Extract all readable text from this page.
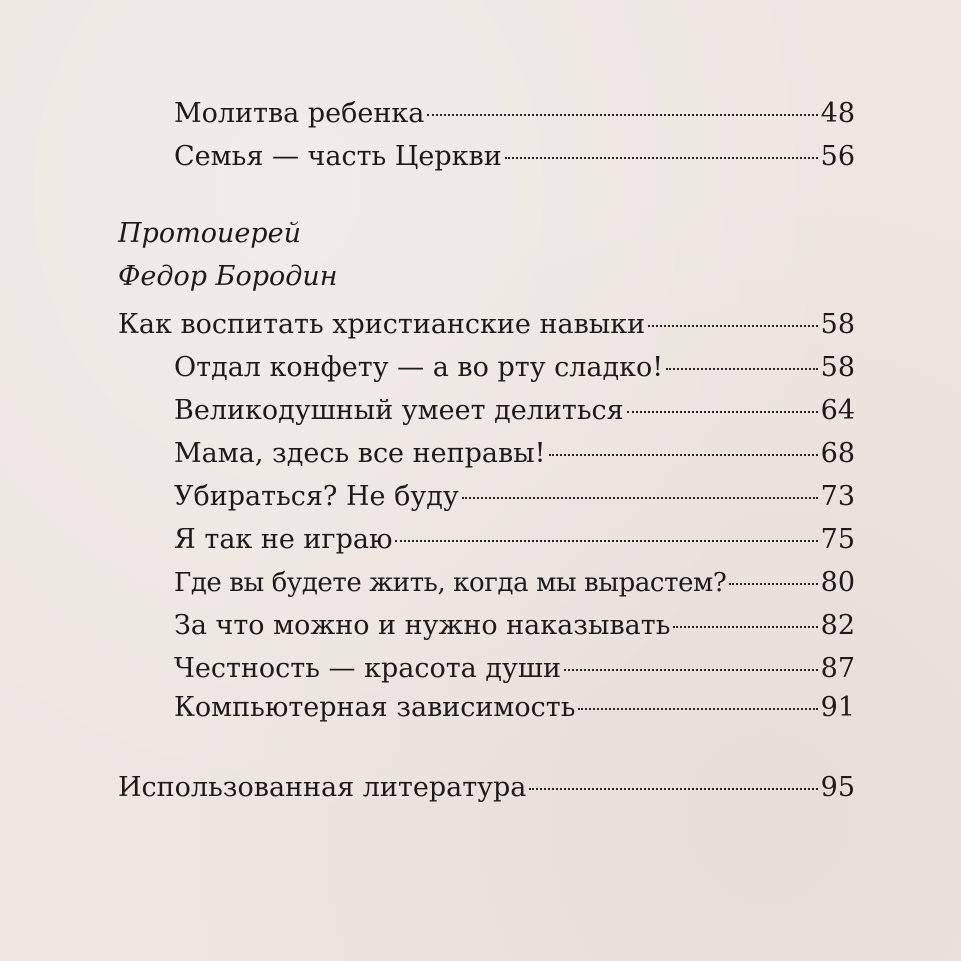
Молитва ребенка	48
Семья — часть Церкви	56
Протоиерей
Федор Бородин
Как воспитать христианские навыки	58
Отдал конфету — а во рту сладко!	58
Великодушный умеет делиться	64
Мама, здесь все неправы!	68
Убираться? Не буду	73
Я так не играю	75
Где вы будете жить, когда мы вырастем?	80
За что можно и нужно наказывать	82
Честность — красота души	87
Компьютерная зависимость	91
Использованная литература	95
